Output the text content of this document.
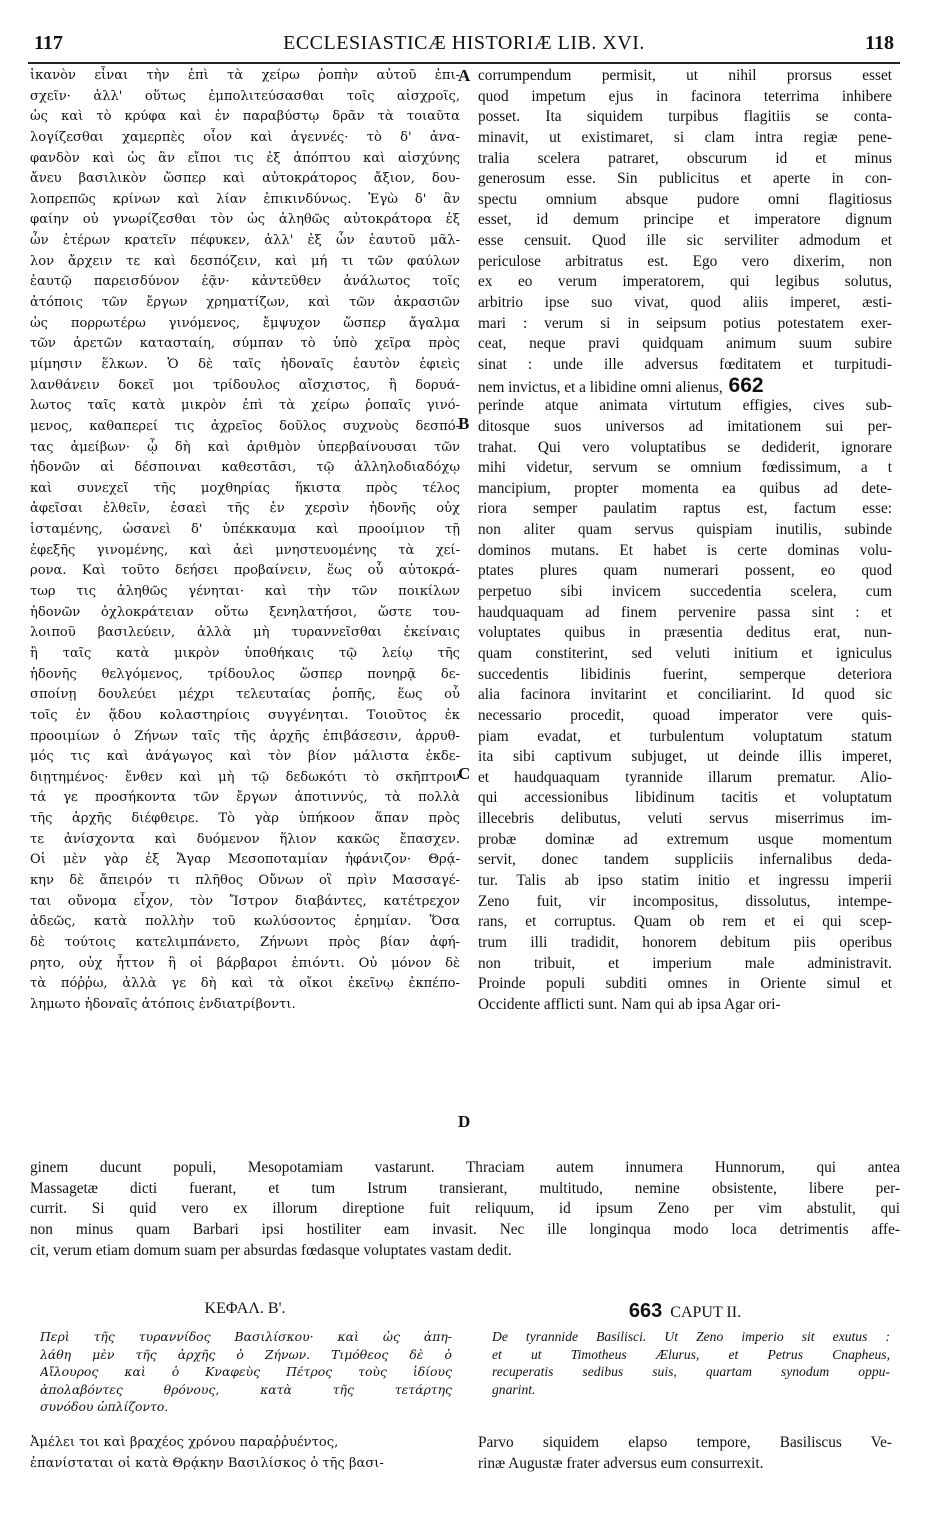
117	ECCLESIASTICÆ HISTORIÆ LIB. XVI.	118
ἱκανὸν εἶναι τὴν ἐπὶ τὰ χείρω ῥοπὴν αὐτοῦ ἐπι-
σχεῖν· ἀλλ' οὕτως ἐμπολιτεύσασθαι τοῖς αἰσχροῖς,
ὡς καὶ τὸ κρύφα καὶ ἐν παραβύστῳ δρᾶν τὰ τοιαῦτα
λογίζεσθαι χαμερπὲς οἷον καὶ ἀγεννές· τὸ δ' ἀνα-
φανδὸν καὶ ὡς ἂν εἴποι τις ἐξ ἀπόπτου καὶ αἰσχύνης
ἄνευ βασιλικὸν ὥσπερ καὶ αὐτοκράτορος ἄξιον, δου-
λοπρεπῶς κρίνων καὶ λίαν ἐπικινδύνως. Ἐγὼ δ' ἂν
φαίην οὐ γνωρίζεσθαι τὸν ὡς ἀληθῶς αὐτοκράτορα ἐξ
ὧν ἑτέρων κρατεῖν πέφυκεν, ἀλλ' ἐξ ὧν ἑαυτοῦ μᾶλ-
λον ἄρχειν τε καὶ δεσπόζειν, καὶ μή τι τῶν φαύλων
ἑαυτῷ παρεισδύνον ἐᾷν· κἀντεῦθεν ἀνάλωτος τοῖς
ἀτόποις τῶν ἔργων χρηματίζων, καὶ τῶν ἀκρασιῶν
ὡς πορρωτέρω γινόμενος, ἔμψυχον ὥσπερ ἄγαλμα
τῶν ἀρετῶν κατασταίη, σύμπαν τὸ ὑπὸ χεῖρα πρὸς
μίμησιν ἕλκων. Ὁ δὲ ταῖς ἡδοναῖς ἑαυτὸν ἐφιεὶς
λανθάνειν δοκεῖ μοι τρίδουλος αἴσχιστος, ἢ δορυά-
λωτος ταῖς κατὰ μικρὸν ἐπὶ τὰ χείρω ῥοπαῖς γινό-
μενος, καθαπερεί τις ἀχρεῖος δοῦλος συχνοὺς δεσπό-
τας ἀμείβων· ᾧ δὴ καὶ ἀριθμὸν ὑπερβαίνουσαι τῶν
ἡδονῶν αἱ δέσποιναι καθεστᾶσι, τῷ ἀλληλοδιαδόχῳ
καὶ συνεχεῖ τῆς μοχθηρίας ἥκιστα πρὸς τέλος
ἀφεῖσαι ἐλθεῖν, ἐσαεὶ τῆς ἐν χερσὶν ἡδονῆς οὐχ
ἱσταμένης, ὡσανεὶ δ' ὑπέκκαυμα καὶ προοίμιον τῇ
ἐφεξῆς γινομένης, καὶ ἀεὶ μνηστευομένης τὰ χεί-
ρονα. Καὶ τοῦτο δεήσει προβαίνειν, ἕως οὗ αὐτοκρά-
τωρ τις ἀληθῶς γένηται· καὶ τὴν τῶν ποικίλων
ἡδονῶν ὀχλοκράτειαν οὕτω ξενηλατήσοι, ὥστε του-
λοιποῦ βασιλεύειν, ἀλλὰ μὴ τυραννεῖσθαι ἐκείναις
ἢ ταῖς κατὰ μικρὸν ὑποθήκαις τῷ λείῳ τῆς
ἡδονῆς θελγόμενος, τρίδουλος ὥσπερ πονηρᾷ δε-
σποίνῃ δουλεύει μέχρι τελευταίας ῥοπῆς, ἕως οὗ
τοῖς ἐν ᾅδου κολαστηρίοις συγγένηται. Τοιοῦτος ἐκ
προοιμίων ὁ Ζήνων ταῖς τῆς ἀρχῆς ἐπιβάσεσιν, ἀρρυθ-
μός τις καὶ ἀνάγωγος καὶ τὸν βίον μάλιστα ἐκδε-
διῃτημένος· ἔνθεν καὶ μὴ τῷ δεδωκότι τὸ σκῆπτρον
τά γε προσήκοντα τῶν ἔργων ἀποτιννύς, τὰ πολλὰ
τῆς ἀρχῆς διέφθειρε. Τὸ γὰρ ὑπήκοον ἅπαν πρὸς
τε ἀνίσχοντα καὶ δυόμενον ἥλιον κακῶς ἔπασχεν.
Οἱ μὲν γὰρ ἐξ Ἄγαρ Μεσοποταμίαν ἠφάνιζον· Θρᾴ-
κην δὲ ἄπειρόν τι πλῆθος Οὔνων οἳ πρὶν Μασσαγέ-
ται οὔνομα εἶχον, τὸν Ἴστρον διαβάντες, κατέτρεχον
ἀδεῶς, κατὰ πολλὴν τοῦ κωλύσοντος ἐρημίαν. Ὅσα
δὲ τούτοις κατελιμπάνετο, Ζήνωνι πρὸς βίαν ἀφή-
ρητο, οὐχ ἧττον ἢ οἱ βάρβαροι ἐπιόντι. Οὐ μόνον δὲ
τὰ πόῤῥω, ἀλλὰ γε δὴ καὶ τὰ οἴκοι ἐκεῖνῳ ἐκπέπο-
λημωτο ἡδοναῖς ἀτόποις ἐνδιατρίβοντι.
corrumpendum permisit, ut nihil prorsus esset
quod impetum ejus in facinora teterrima inhibere
posset. Ita siquidem turpibus flagitiis se conta-
minavit, ut existimaret, si clam intra regiæ pene-
tralia scelera patraret, obscurum id et minus
generosum esse. Sin publicitus et aperte in con-
spectu omnium absque pudore omni flagitiosus
esset, id demum principe et imperatore dignum
esse censuit. Quod ille sic serviliter admodum et
periculose arbitratus est. Ego vero dixerim, non
ex eo verum imperatorem, qui legibus solutus,
arbitrio ipse suo vivat, quod aliis imperet, æsti-
mari : verum si in seipsum potius potestatem exer-
ceat, neque pravi quidquam animum suum subire
sinat : unde ille adversus fœditatem et turpitudi-
nem invictus, et a libidine omni alienus, 662
perinde atque animata virtutum effigies, cives sub-
ditosque suos universos ad imitationem sui per-
trahat. Qui vero voluptatibus se dediderit, ignorare
mihi videtur, servum se omnium fœdissimum, a t
mancipium, propter momenta ea quibus ad dete-
riora semper paulatim raptus est, factum esse:
non aliter quam servus quispiam inutilis, subinde
dominos mutans. Et habet is certe dominas volu-
ptates plures quam numerari possent, eo quod
perpetuo sibi invicem succedentia scelera, cum
haudquaquam ad finem pervenire passa sint : et
voluptates quibus in præsentia deditus erat, nun-
quam constiterint, sed veluti initium et igniculus
succedentis libidinis fuerint, semperque deteriora
alia facinora invitarint et conciliarint. Id quod sic
necessario procedit, quoad imperator vere quis-
piam evadat, et turbulentum voluptatum statum
ita sibi captivum subjuget, ut deinde illis imperet,
et haudquaquam tyrannide illarum prematur. Alio-
qui accessionibus libidinum tacitis et voluptatum
illecebris delibutus, veluti servus miserrimus im-
probæ dominæ ad extremum usque momentum
servit, donec tandem suppliciis infernalibus deda-
tur. Talis ab ipso statim initio et ingressu imperii
Zeno fuit, vir incompositus, dissolutus, intempe-
rans, et corruptus. Quam ob rem et ei qui scep-
trum illi tradidit, honorem debitum piis operibus
non tribuit, et imperium male administravit.
Proinde populi subditi omnes in Oriente simul et
Occidente afflicti sunt. Nam qui ab ipsa Agar ori-
A
B
C
D
ginem ducunt populi, Mesopotamiam vastarunt. Thraciam autem innumera Hunnorum, qui antea
Massagetæ dicti fuerant, et tum Istrum transierant, multitudo, nemine obsistente, libere per-
currit. Si quid vero ex illorum direptione fuit reliquum, id ipsum Zeno per vim abstulit, qui
non minus quam Barbari ipsi hostiliter eam invasit. Nec ille longinqua modo loca detrimentis affe-
cit, verum etiam domum suam per absurdas fœdasque voluptates vastam dedit.
ΚΕΦΑΛ. Β'.	663 CAPUT II.
Περὶ τῆς τυραννίδος Βασιλίσκου· καὶ ὡς ἀπη-
λάθη μὲν τῆς ἀρχῆς ὁ Ζήνων. Τιμόθεος δὲ ὁ
Αἴλουρος καὶ ὁ Κναφεὺς Πέτρος τοὺς ἰδίους
ἀπολαβόντες θρόνους, κατὰ τῆς τετάρτης
συνόδου ὡπλίζοντο.
De tyrannide Basilisci. Ut Zeno imperio sit exutus :
et ut Timotheus Ælurus, et Petrus Cnapheus,
recuperatis sedibus suis, quartam synodum oppu-
gnarint.
Ἀμέλει τοι καὶ βραχέος χρόνου παραῤῥυέντος,
ἐπανίσταται οἱ κατὰ Θρᾴκην Βασιλίσκος ὁ τῆς βασι-
Parvo siquidem elapso tempore, Basiliscus Ve-
rinæ Augustæ frater adversus eum consurrexit.
